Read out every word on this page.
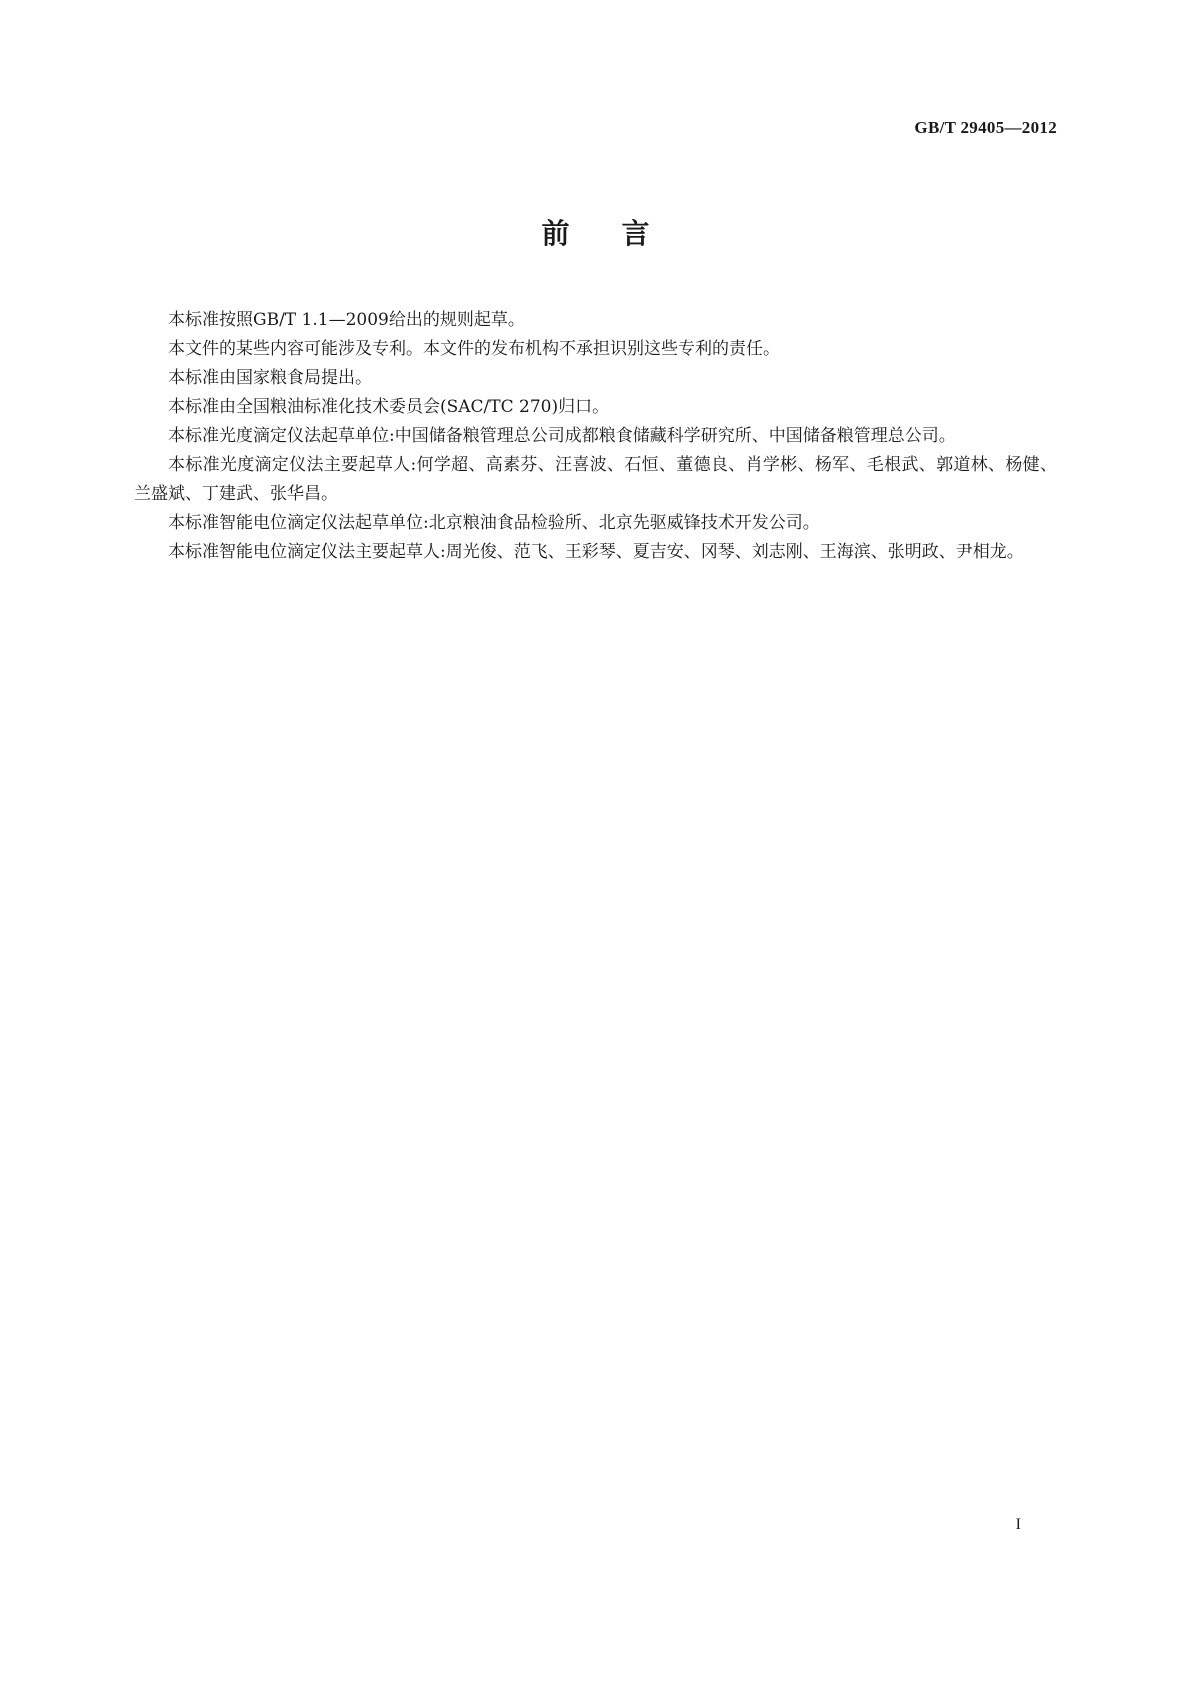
GB/T 29405—2012
前言

本标准按照GB/T 1.1—2009给出的规则起草。

本文件的某些内容可能涉及专利。本文件的发布机构不承担识别这些专利的责任。

本标准由国家粮食局提出。

本标准由全国粮油标准化技术委员会(SAC/TC 270)归口。

本标准光度滴定仪法起草单位:中国储备粮管理总公司成都粮食储藏科学研究所、中国储备粮管理总公司。

本标准光度滴定仪法主要起草人:何学超、高素芬、汪喜波、石恒、董德良、肖学彬、杨军、毛根武、郭道林、杨健、兰盛斌、丁建武、张华昌。

本标准智能电位滴定仪法起草单位:北京粮油食品检验所、北京先驱威锋技术开发公司。

本标准智能电位滴定仪法主要起草人:周光俊、范飞、王彩琴、夏吉安、冈琴、刘志刚、王海滨、张明政、尹相龙。

I
